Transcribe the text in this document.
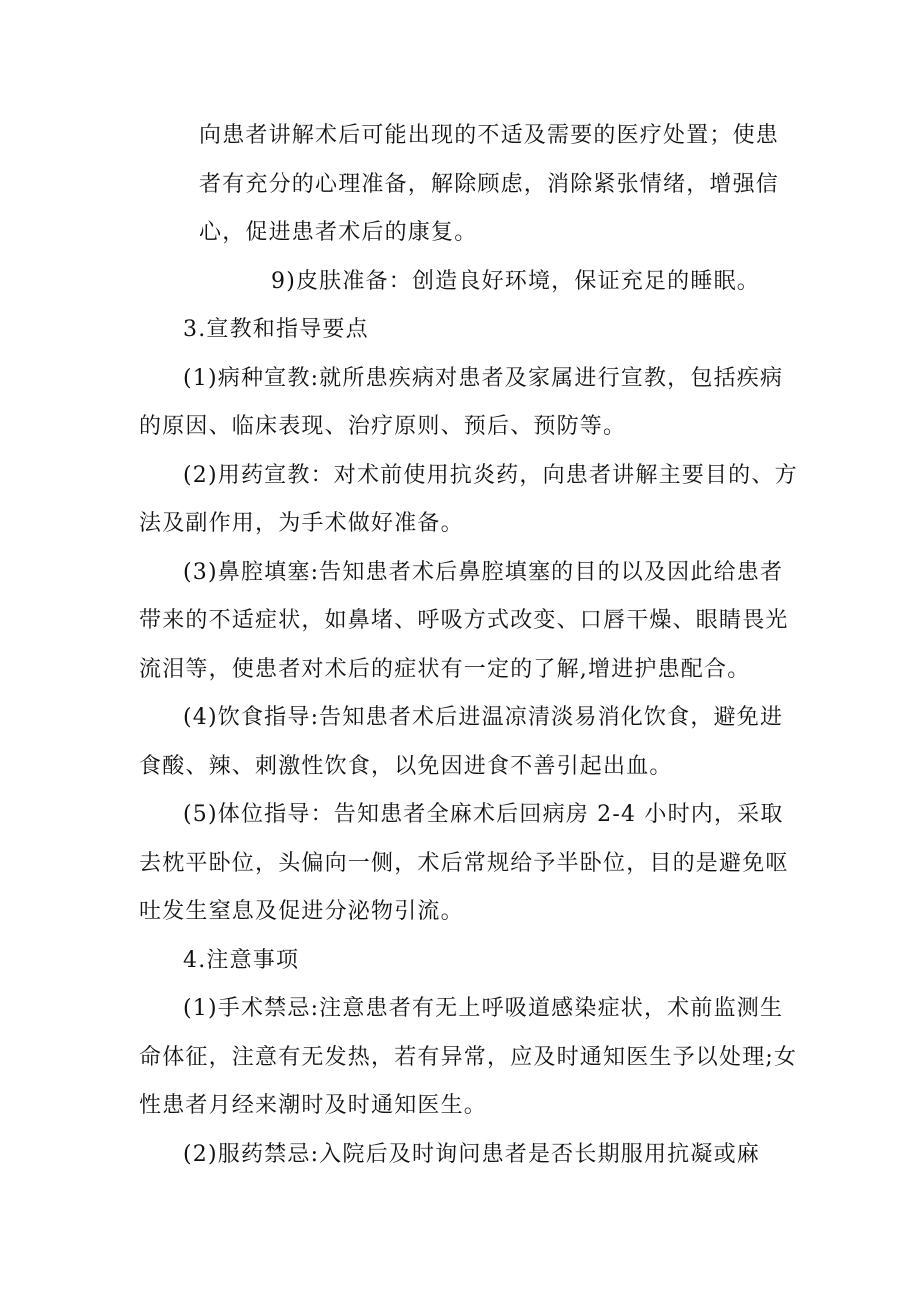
向患者讲解术后可能出现的不适及需要的医疗处置；使患者有充分的心理准备，解除顾虑，消除紧张情绪，增强信心，促进患者术后的康复。

9)皮肤准备：创造良好环境，保证充足的睡眠。

3.宣教和指导要点

(1)病种宣教:就所患疾病对患者及家属进行宣教，包括疾病的原因、临床表现、治疗原则、预后、预防等。

(2)用药宣教：对术前使用抗炎药，向患者讲解主要目的、方法及副作用，为手术做好准备。

(3)鼻腔填塞:告知患者术后鼻腔填塞的目的以及因此给患者带来的不适症状，如鼻堵、呼吸方式改变、口唇干燥、眼睛畏光流泪等，使患者对术后的症状有一定的了解,增进护患配合。

(4)饮食指导:告知患者术后进温凉清淡易消化饮食，避免进食酸、辣、刺激性饮食，以免因进食不善引起出血。

(5)体位指导：告知患者全麻术后回病房 2-4 小时内，采取去枕平卧位，头偏向一侧，术后常规给予半卧位，目的是避免呕吐发生窒息及促进分泌物引流。

4.注意事项

(1)手术禁忌:注意患者有无上呼吸道感染症状，术前监测生命体征，注意有无发热，若有异常，应及时通知医生予以处理;女性患者月经来潮时及时通知医生。

(2)服药禁忌:入院后及时询问患者是否长期服用抗凝或麻
